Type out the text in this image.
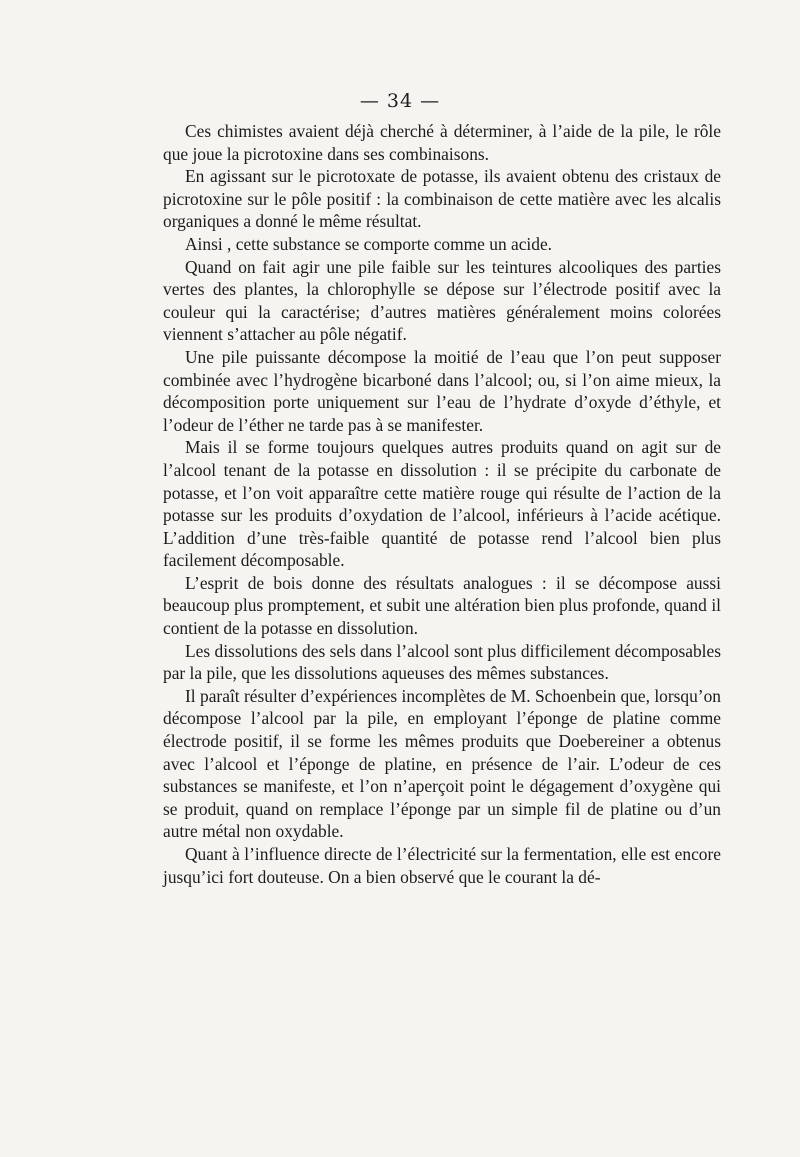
— 34 —

Ces chimistes avaient déjà cherché à déterminer, à l’aide de la pile, le rôle que joue la picrotoxine dans ses combinaisons.

En agissant sur le picrotoxate de potasse, ils avaient obtenu des cristaux de picrotoxine sur le pôle positif : la combinaison de cette matière avec les alcalis organiques a donné le même résultat.

Ainsi , cette substance se comporte comme un acide.

Quand on fait agir une pile faible sur les teintures alcooliques des parties vertes des plantes, la chlorophylle se dépose sur l’électrode positif avec la couleur qui la caractérise; d’autres matières généralement moins colorées viennent s’attacher au pôle négatif.

Une pile puissante décompose la moitié de l’eau que l’on peut supposer combinée avec l’hydrogène bicarboné dans l’alcool; ou, si l’on aime mieux, la décomposition porte uniquement sur l’eau de l’hydrate d’oxyde d’éthyle, et l’odeur de l’éther ne tarde pas à se manifester.

Mais il se forme toujours quelques autres produits quand on agit sur de l’alcool tenant de la potasse en dissolution : il se précipite du carbonate de potasse, et l’on voit apparaître cette matière rouge qui résulte de l’action de la potasse sur les produits d’oxydation de l’alcool, inférieurs à l’acide acétique. L’addition d’une très-faible quantité de potasse rend l’alcool bien plus facilement décomposable.

L’esprit de bois donne des résultats analogues : il se décompose aussi beaucoup plus promptement, et subit une altération bien plus profonde, quand il contient de la potasse en dissolution.

Les dissolutions des sels dans l’alcool sont plus difficilement décomposables par la pile, que les dissolutions aqueuses des mêmes substances.

Il paraît résulter d’expériences incomplètes de M. Schoenbein que, lorsqu’on décompose l’alcool par la pile, en employant l’éponge de platine comme électrode positif, il se forme les mêmes produits que Doebereiner a obtenus avec l’alcool et l’éponge de platine, en présence de l’air. L’odeur de ces substances se manifeste, et l’on n’aperçoit point le dégagement d’oxygène qui se produit, quand on remplace l’éponge par un simple fil de platine ou d’un autre métal non oxydable.

Quant à l’influence directe de l’électricité sur la fermentation, elle est encore jusqu’ici fort douteuse. On a bien observé que le courant la dé-
